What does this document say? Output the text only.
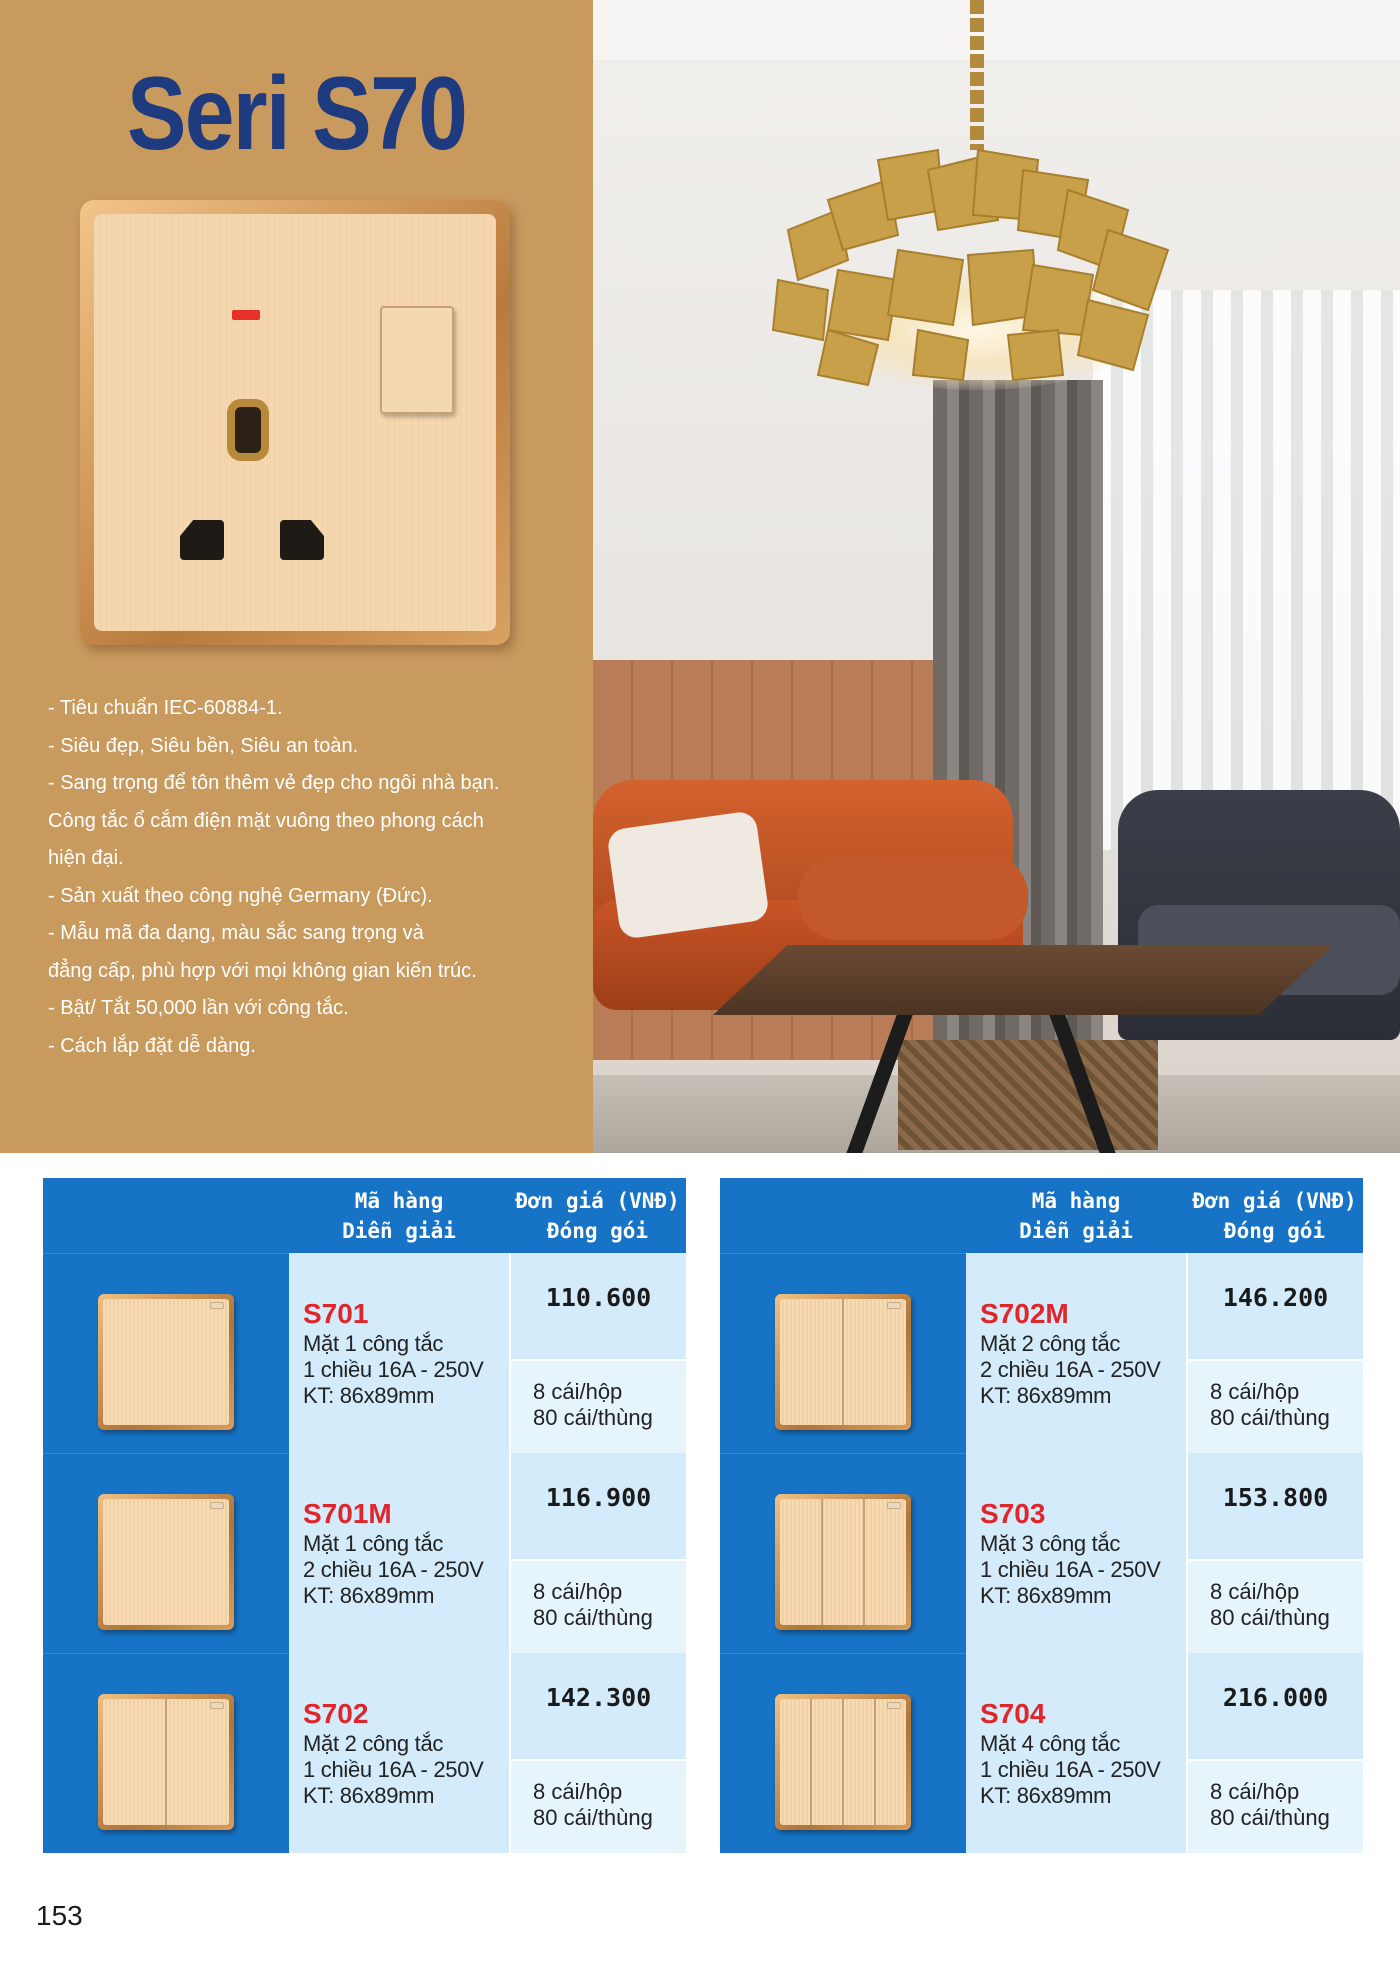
Seri S70
- Tiêu chuẩn IEC-60884-1.
- Siêu đẹp, Siêu bền, Siêu an toàn.
- Sang trọng để tôn thêm vẻ đẹp cho ngôi nhà bạn.
Công tắc ổ cắm điện mặt vuông theo phong cách
hiện đại.
- Sản xuất theo công nghệ Germany (Đức).
- Mẫu mã đa dạng, màu sắc sang trọng và
đẳng cấp, phù hợp với mọi không gian kiến trúc.
- Bật/ Tắt 50,000 lần với công tắc.
- Cách lắp đặt dễ dàng.
Mã hàng
Diễn giải
Đơn giá (VNĐ)
Đóng gói
S701
Mặt 1 công tắc
1 chiều 16A - 250V
KT: 86x89mm
110.600
8 cái/hộp
80 cái/thùng
S701M
Mặt 1 công tắc
2 chiều 16A - 250V
KT: 86x89mm
116.900
8 cái/hộp
80 cái/thùng
S702
Mặt 2 công tắc
1 chiều 16A - 250V
KT: 86x89mm
142.300
8 cái/hộp
80 cái/thùng
Mã hàng
Diễn giải
Đơn giá (VNĐ)
Đóng gói
S702M
Mặt 2 công tắc
2 chiều 16A - 250V
KT: 86x89mm
146.200
8 cái/hộp
80 cái/thùng
S703
Mặt 3 công tắc
1 chiều 16A - 250V
KT: 86x89mm
153.800
8 cái/hộp
80 cái/thùng
S704
Mặt 4 công tắc
1 chiều 16A - 250V
KT: 86x89mm
216.000
8 cái/hộp
80 cái/thùng
153
